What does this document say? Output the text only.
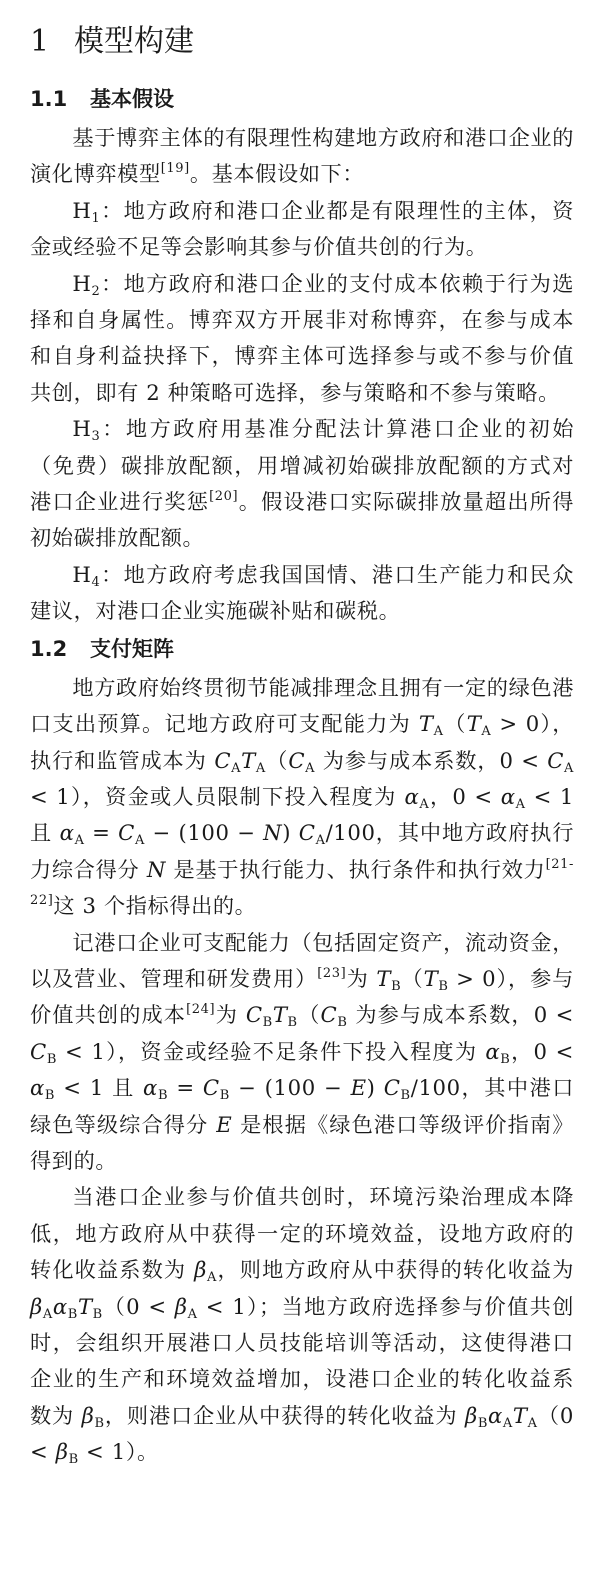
1 模型构建
1.1 基本假设

基于博弈主体的有限理性构建地方政府和港口企业的演化博弈模型[19]。基本假设如下：

$H_1$：地方政府和港口企业都是有限理性的主体，资金或经验不足等会影响其参与价值共创的行为。

$H_2$：地方政府和港口企业的支付成本依赖于行为选择和自身属性。博弈双方开展非对称博弈，在参与成本和自身利益抉择下，博弈主体可选择参与或不参与价值共创，即有 2 种策略可选择，参与策略和不参与策略。

$H_3$：地方政府用基准分配法计算港口企业的初始（免费）碳排放配额，用增减初始碳排放配额的方式对港口企业进行奖惩[20]。假设港口实际碳排放量超出所得初始碳排放配额。

$H_4$：地方政府考虑我国国情、港口生产能力和民众建议，对港口企业实施碳补贴和碳税。

1.2 支付矩阵

地方政府始终贯彻节能减排理念且拥有一定的绿色港口支出预算。记地方政府可支配能力为 $T_A(T_A > 0)$，执行和监管成本为 $C_AT_A(C_A$ 为参与成本系数，$0 < C_A < 1$），资金或人员限制下投入程度为 $\alpha_A$，$0 < \alpha_A < 1$ 且 $\alpha_A = C_A - (100 - N)$ $C_A/100$，其中地方政府执行力综合得分 N 是基于执行能力、执行条件和执行效力[21-22]这 3 个指标得出的。

记港口企业可支配能力（包括固定资产，流动资金，以及营业、管理和研发费用）[23]为 $T_B(T_B > 0)$，参与价值共创的成本[24]为 $C_BT_B(C_B$ 为参与成本系数，$0 < C_B < 1$），资金或经验不足条件下投入程度为 $\alpha_B$，$0 < \alpha_B < 1$ 且 $\alpha_B = C_B - (100 - E)$ $C_B/100$，其中港口绿色等级综合得分 E 是根据《绿色港口等级评价指南》得到的。

当港口企业参与价值共创时，环境污染治理成本降低，地方政府从中获得一定的环境效益，设地方政府的转化收益系数为 $\beta_A$，则地方政府从中获得的转化收益为 $\beta_A\alpha_BT_B(0 < \beta_A < 1)$；当地方政府选择参与价值共创时，会组织开展港口人员技能培训等活动，这使得港口企业的生产和环境效益增加，设港口企业的转化收益系数为 $\beta_B$，则港口企业从中获得的转化收益为 $\beta_B\alpha_AT_A(0 < \beta_B < 1)$。
